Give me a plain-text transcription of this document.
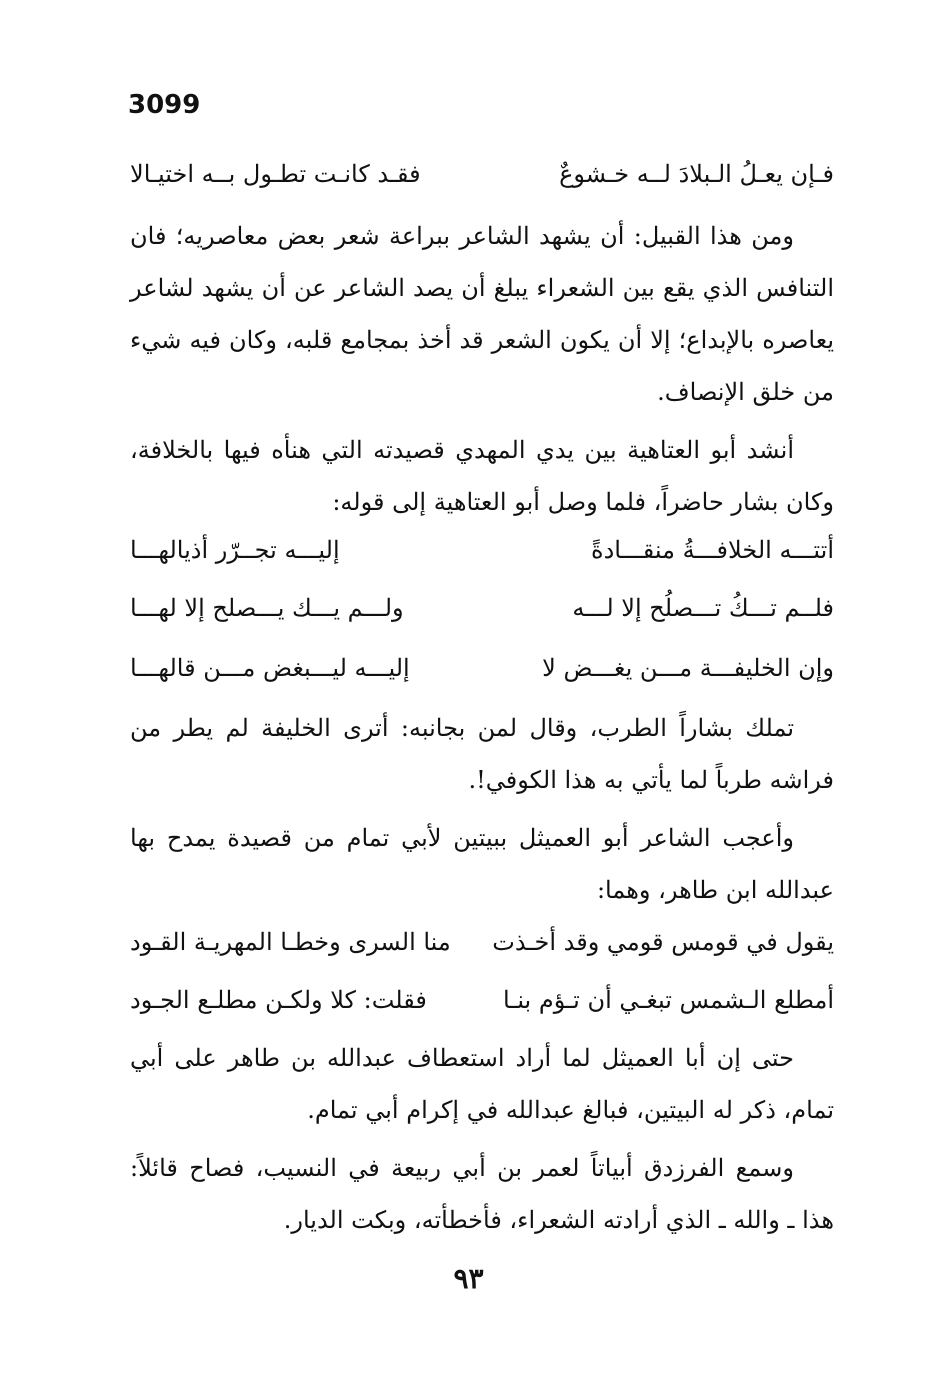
3099
فـإن يعـلُ الـبلادَ لــه خـشوعٌ
فقـد كانـت تطـول بــه اختيـالا

ومن هذا القبيل: أن يشهد الشاعر ببراعة شعر بعض معاصريه؛ فان التنافس الذي يقع بين الشعراء يبلغ أن يصد الشاعر عن أن يشهد لشاعر يعاصره بالإبداع؛ إلا أن يكون الشعر قد أخذ بمجامع قلبه، وكان فيه شيء من خلق الإنصاف.

أنشد أبو العتاهية بين يدي المهدي قصيدته التي هنأه فيها بالخلافة، وكان بشار حاضراً، فلما وصل أبو العتاهية إلى قوله:

أتتـــه الخلافـــةُ منقـــادةً
إليـــه تجــرّر أذيالهـــا
فلــم تـــكُ تـــصلُح إلا لـــه
ولـــم يـــك يـــصلح إلا لهـــا
وإن الخليفـــة مـــن يغـــض لا
إليـــه ليـــبغض مـــن قالهـــا

تملك بشاراً الطرب، وقال لمن بجانبه: أترى الخليفة لم يطر من فراشه طرباً لما يأتي به هذا الكوفي!.

وأعجب الشاعر أبو العميثل ببيتين لأبي تمام من قصيدة يمدح بها عبدالله ابن طاهر، وهما:

يقول في قومس قومي وقد أخـذت
منا السرى وخطـا المهريـة القـود
أمطلع الـشمس تبغـي أن تـؤم بنـا
فقلت: كلا ولكـن مطلـع الجـود

حتى إن أبا العميثل لما أراد استعطاف عبدالله بن طاهر على أبي تمام، ذكر له البيتين، فبالغ عبدالله في إكرام أبي تمام.

وسمع الفرزدق أبياتاً لعمر بن أبي ربيعة في النسيب، فصاح قائلاً: هذا ـ والله ـ الذي أرادته الشعراء، فأخطأته، وبكت الديار.

٩٣
